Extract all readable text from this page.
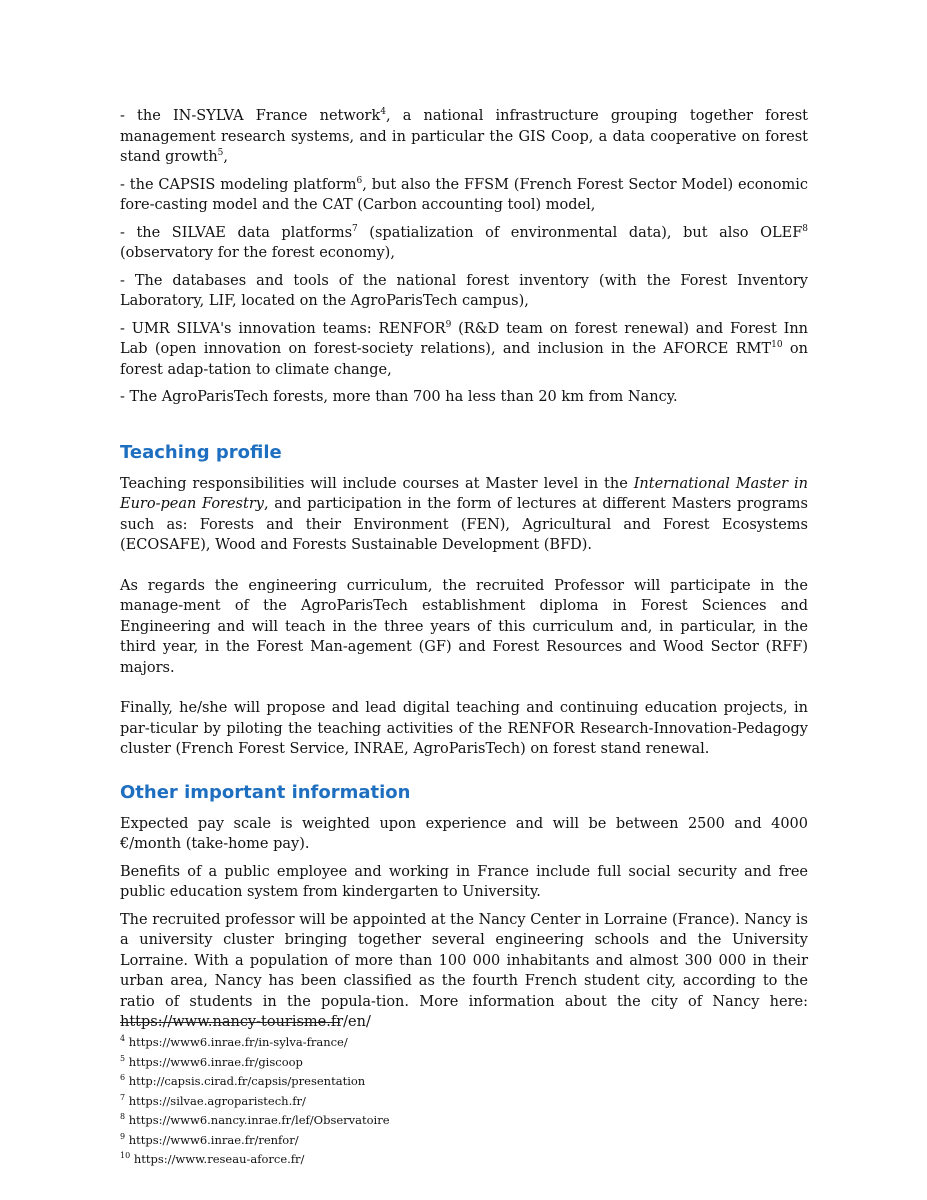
- the IN-SYLVA France network$^4$, a national infrastructure grouping together forest management research systems, and in particular the GIS Coop, a data cooperative on forest stand growth$^5$,

- the CAPSIS modeling platform$^6$, but also the FFSM (French Forest Sector Model) economic fore-casting model and the CAT (Carbon accounting tool) model,

- the SILVAE data platforms$^7$ (spatialization of environmental data), but also OLEF$^8$ (observatory for the forest economy),

- The databases and tools of the national forest inventory (with the Forest Inventory Laboratory, LIF, located on the AgroParisTech campus),

- UMR SILVA's innovation teams: RENFOR$^9$ (R&D team on forest renewal) and Forest Inn Lab (open innovation on forest-society relations), and inclusion in the AFORCE RMT$^{10}$ on forest adap-tation to climate change,

- The AgroParisTech forests, more than 700 ha less than 20 km from Nancy.

Teaching profile

Teaching responsibilities will include courses at Master level in the International Master in Euro-pean Forestry, and participation in the form of lectures at different Masters programs such as: Forests and their Environment (FEN), Agricultural and Forest Ecosystems (ECOSAFE), Wood and Forests Sustainable Development (BFD).

As regards the engineering curriculum, the recruited Professor will participate in the manage-ment of the AgroParisTech establishment diploma in Forest Sciences and Engineering and will teach in the three years of this curriculum and, in particular, in the third year, in the Forest Man-agement (GF) and Forest Resources and Wood Sector (RFF) majors.

Finally, he/she will propose and lead digital teaching and continuing education projects, in par-ticular by piloting the teaching activities of the RENFOR Research-Innovation-Pedagogy cluster (French Forest Service, INRAE, AgroParisTech) on forest stand renewal.

Other important information

Expected pay scale is weighted upon experience and will be between 2500 and 4000 €/month (take-home pay).

Benefits of a public employee and working in France include full social security and free public education system from kindergarten to University.

The recruited professor will be appointed at the Nancy Center in Lorraine (France). Nancy is a university cluster bringing together several engineering schools and the University Lorraine. With a population of more than 100 000 inhabitants and almost 300 000 in their urban area, Nancy has been classified as the fourth French student city, according to the ratio of students in the popula-tion. More information about the city of Nancy here: https://www.nancy-tourisme.fr/en/

$^4$ https://www6.inrae.fr/in-sylva-france/
$^5$ https://www6.inrae.fr/giscoop
$^6$ http://capsis.cirad.fr/capsis/presentation
$^7$ https://silvae.agroparistech.fr/
$^8$ https://www6.nancy.inrae.fr/lef/Observatoire
$^9$ https://www6.inrae.fr/renfor/
$^{10}$ https://www.reseau-aforce.fr/
